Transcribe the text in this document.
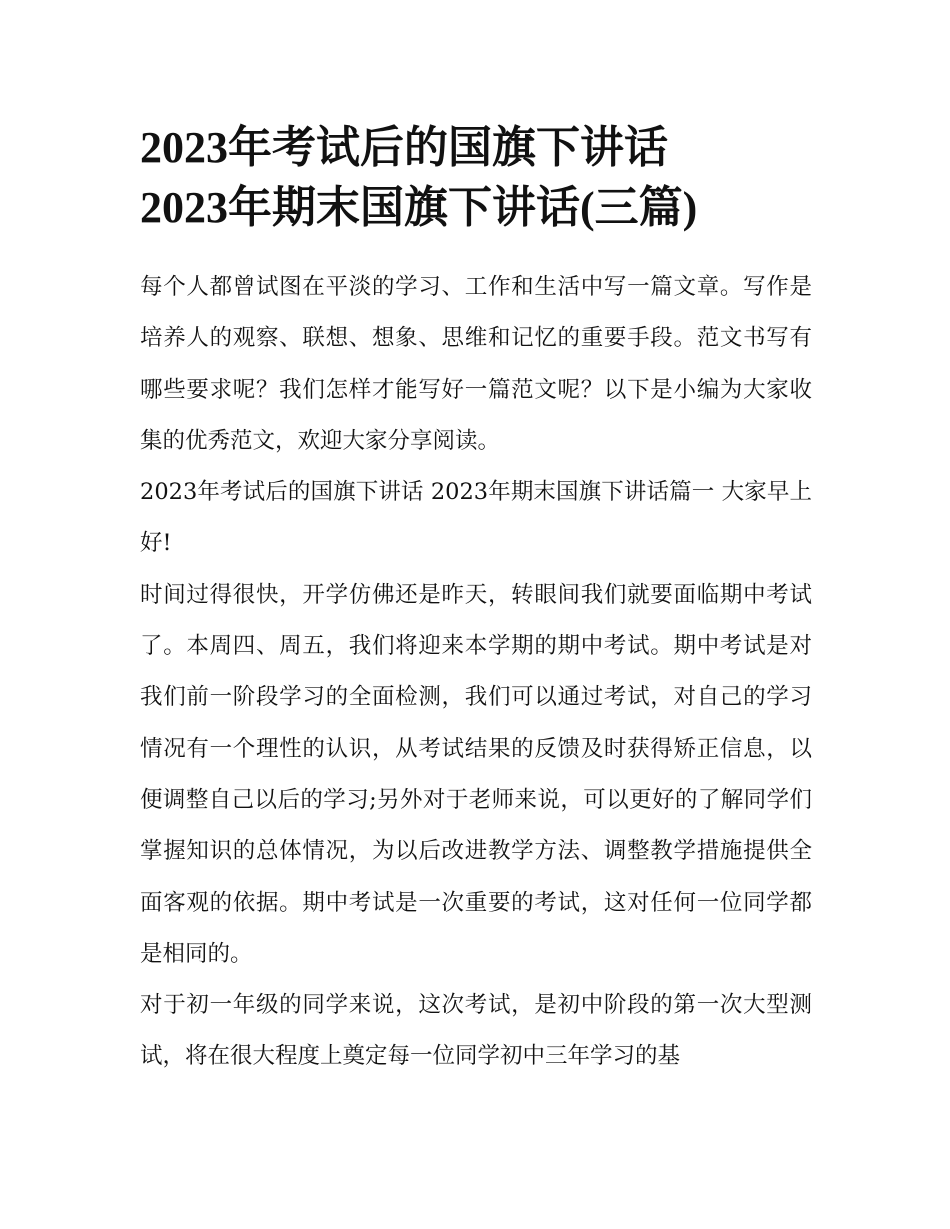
2023年考试后的国旗下讲话
2023年期末国旗下讲话(三篇)

每个人都曾试图在平淡的学习、工作和生活中写一篇文章。写作是培养人的观察、联想、想象、思维和记忆的重要手段。范文书写有哪些要求呢？我们怎样才能写好一篇范文呢？以下是小编为大家收集的优秀范文，欢迎大家分享阅读。

2023年考试后的国旗下讲话 2023年期末国旗下讲话篇一 大家早上好!

时间过得很快，开学仿佛还是昨天，转眼间我们就要面临期中考试了。本周四、周五，我们将迎来本学期的期中考试。期中考试是对我们前一阶段学习的全面检测，我们可以通过考试，对自己的学习情况有一个理性的认识，从考试结果的反馈及时获得矫正信息，以便调整自己以后的学习;另外对于老师来说，可以更好的了解同学们掌握知识的总体情况，为以后改进教学方法、调整教学措施提供全面客观的依据。期中考试是一次重要的考试，这对任何一位同学都是相同的。

对于初一年级的同学来说，这次考试，是初中阶段的第一次大型测试，将在很大程度上奠定每一位同学初中三年学习的基
